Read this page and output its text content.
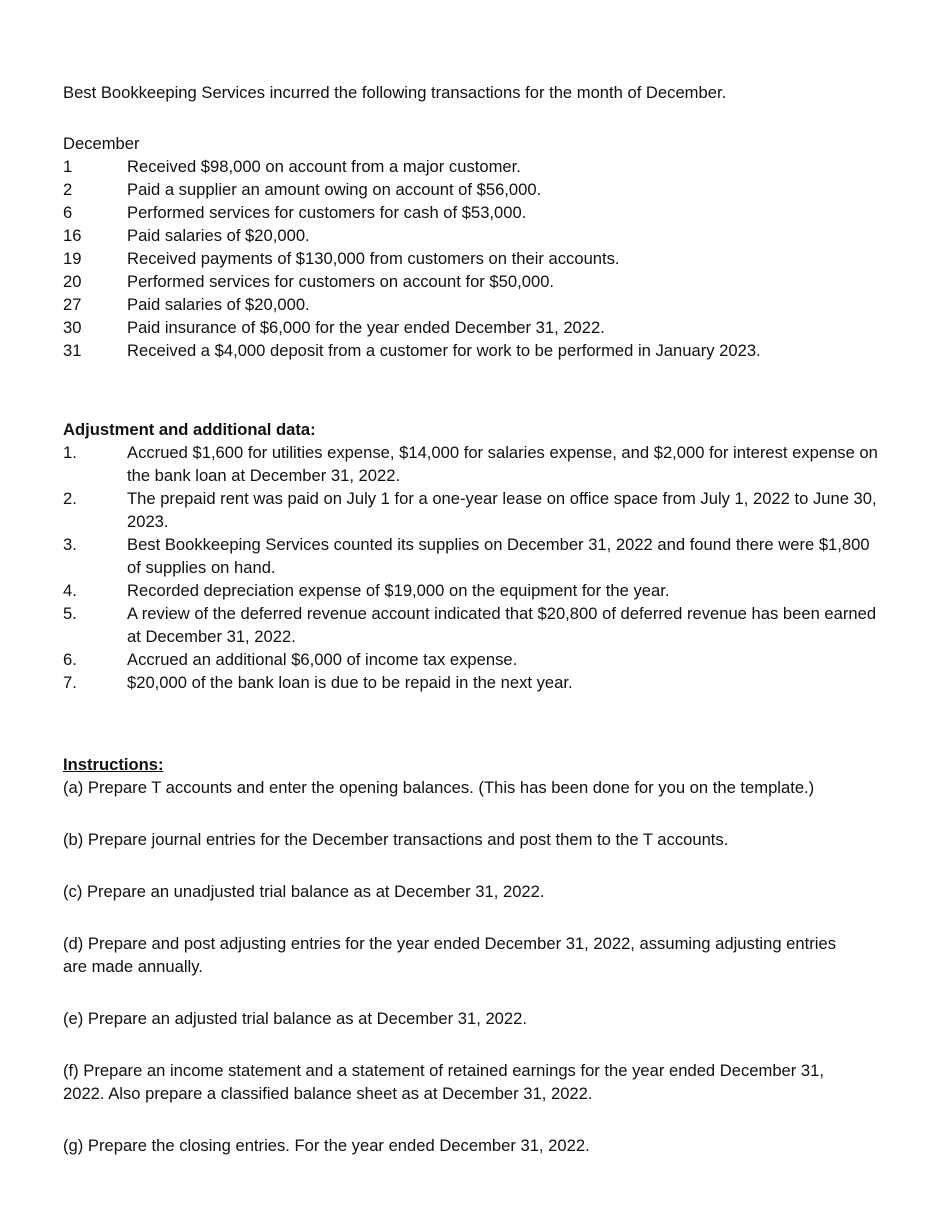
Best Bookkeeping Services incurred the following transactions for the month of December.

December

1	Received $98,000 on account from a major customer.
2	Paid a supplier an amount owing on account of $56,000.
6	Performed services for customers for cash of $53,000.
16	Paid salaries of $20,000.
19	Received payments of $130,000 from customers on their accounts.
20	Performed services for customers on account for $50,000.
27	Paid salaries of $20,000.
30	Paid insurance of $6,000 for the year ended December 31, 2022.
31	Received a $4,000 deposit from a customer for work to be performed in January 2023.

Adjustment and additional data:

1.	Accrued $1,600 for utilities expense, $14,000 for salaries expense, and $2,000 for interest expense on the bank loan at December 31, 2022.
2.	The prepaid rent was paid on July 1 for a one-year lease on office space from July 1, 2022 to June 30, 2023.
3.	Best Bookkeeping Services counted its supplies on December 31, 2022 and found there were $1,800 of supplies on hand.
4.	Recorded depreciation expense of $19,000 on the equipment for the year.
5.	A review of the deferred revenue account indicated that $20,800 of deferred revenue has been earned at December 31, 2022.
6.	Accrued an additional $6,000 of income tax expense.
7.	$20,000 of the bank loan is due to be repaid in the next year.

Instructions:

(a) Prepare T accounts and enter the opening balances. (This has been done for you on the template.)

(b) Prepare journal entries for the December transactions and post them to the T accounts.

(c) Prepare an unadjusted trial balance as at December 31, 2022.

(d) Prepare and post adjusting entries for the year ended December 31, 2022, assuming adjusting entries are made annually.

(e) Prepare an adjusted trial balance as at December 31, 2022.

(f) Prepare an income statement and a statement of retained earnings for the year ended December 31, 2022. Also prepare a classified balance sheet as at December 31, 2022.

(g) Prepare the closing entries. For the year ended December 31, 2022.
